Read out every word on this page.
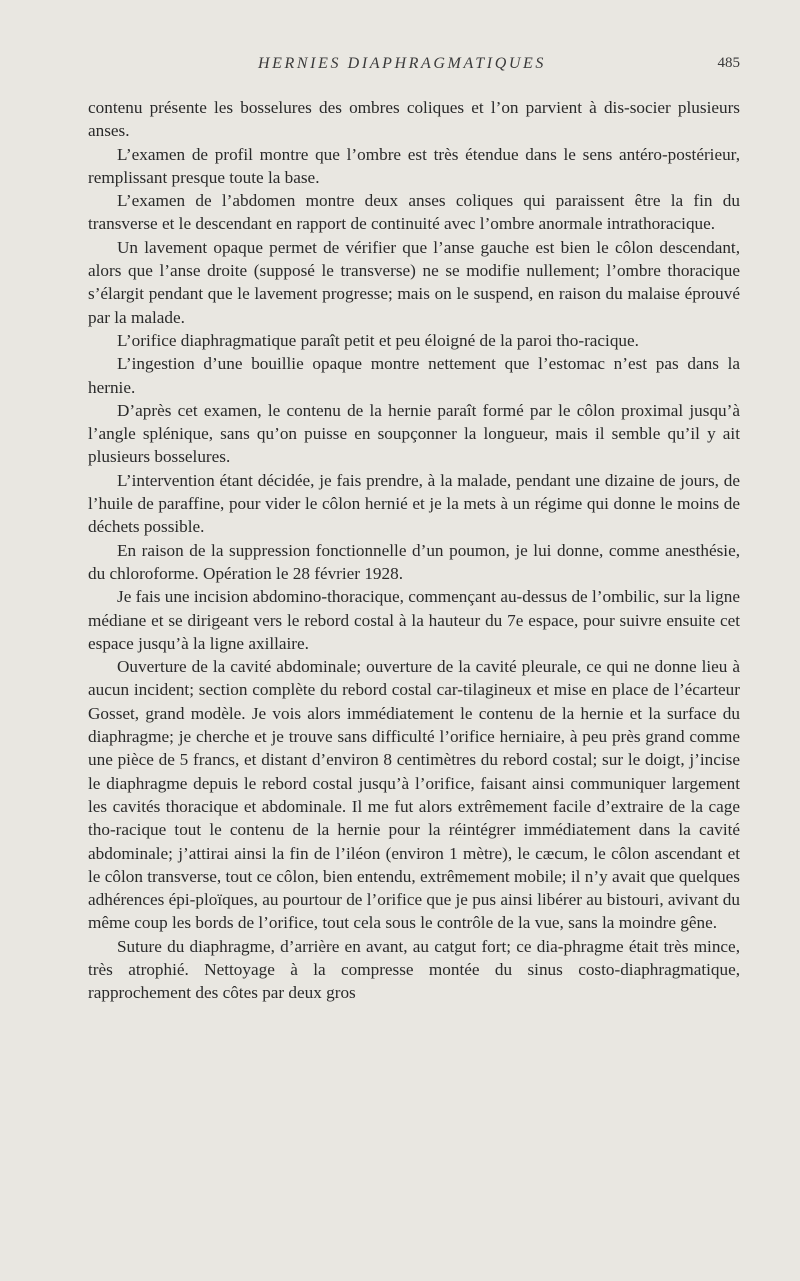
HERNIES DIAPHRAGMATIQUES	485

contenu présente les bosselures des ombres coliques et l’on parvient à dis-socier plusieurs anses.

L’examen de profil montre que l’ombre est très étendue dans le sens antéro-postérieur, remplissant presque toute la base.

L’examen de l’abdomen montre deux anses coliques qui paraissent être la fin du transverse et le descendant en rapport de continuité avec l’ombre anormale intrathoracique.

Un lavement opaque permet de vérifier que l’anse gauche est bien le côlon descendant, alors que l’anse droite (supposé le transverse) ne se modifie nullement; l’ombre thoracique s’élargit pendant que le lavement progresse; mais on le suspend, en raison du malaise éprouvé par la malade.

L’orifice diaphragmatique paraît petit et peu éloigné de la paroi tho-racique.

L’ingestion d’une bouillie opaque montre nettement que l’estomac n’est pas dans la hernie.

D’après cet examen, le contenu de la hernie paraît formé par le côlon proximal jusqu’à l’angle splénique, sans qu’on puisse en soupçonner la longueur, mais il semble qu’il y ait plusieurs bosselures.

L’intervention étant décidée, je fais prendre, à la malade, pendant une dizaine de jours, de l’huile de paraffine, pour vider le côlon hernié et je la mets à un régime qui donne le moins de déchets possible.

En raison de la suppression fonctionnelle d’un poumon, je lui donne, comme anesthésie, du chloroforme. Opération le 28 février 1928.

Je fais une incision abdomino-thoracique, commençant au-dessus de l’ombilic, sur la ligne médiane et se dirigeant vers le rebord costal à la hauteur du 7e espace, pour suivre ensuite cet espace jusqu’à la ligne axillaire.

Ouverture de la cavité abdominale; ouverture de la cavité pleurale, ce qui ne donne lieu à aucun incident; section complète du rebord costal car-tilagineux et mise en place de l’écarteur Gosset, grand modèle. Je vois alors immédiatement le contenu de la hernie et la surface du diaphragme; je cherche et je trouve sans difficulté l’orifice herniaire, à peu près grand comme une pièce de 5 francs, et distant d’environ 8 centimètres du rebord costal; sur le doigt, j’incise le diaphragme depuis le rebord costal jusqu’à l’orifice, faisant ainsi communiquer largement les cavités thoracique et abdominale. Il me fut alors extrêmement facile d’extraire de la cage tho-racique tout le contenu de la hernie pour la réintégrer immédiatement dans la cavité abdominale; j’attirai ainsi la fin de l’iléon (environ 1 mètre), le cæcum, le côlon ascendant et le côlon transverse, tout ce côlon, bien entendu, extrêmement mobile; il n’y avait que quelques adhérences épi-ploïques, au pourtour de l’orifice que je pus ainsi libérer au bistouri, avivant du même coup les bords de l’orifice, tout cela sous le contrôle de la vue, sans la moindre gêne.

Suture du diaphragme, d’arrière en avant, au catgut fort; ce dia-phragme était très mince, très atrophié. Nettoyage à la compresse montée du sinus costo-diaphragmatique, rapprochement des côtes par deux gros
